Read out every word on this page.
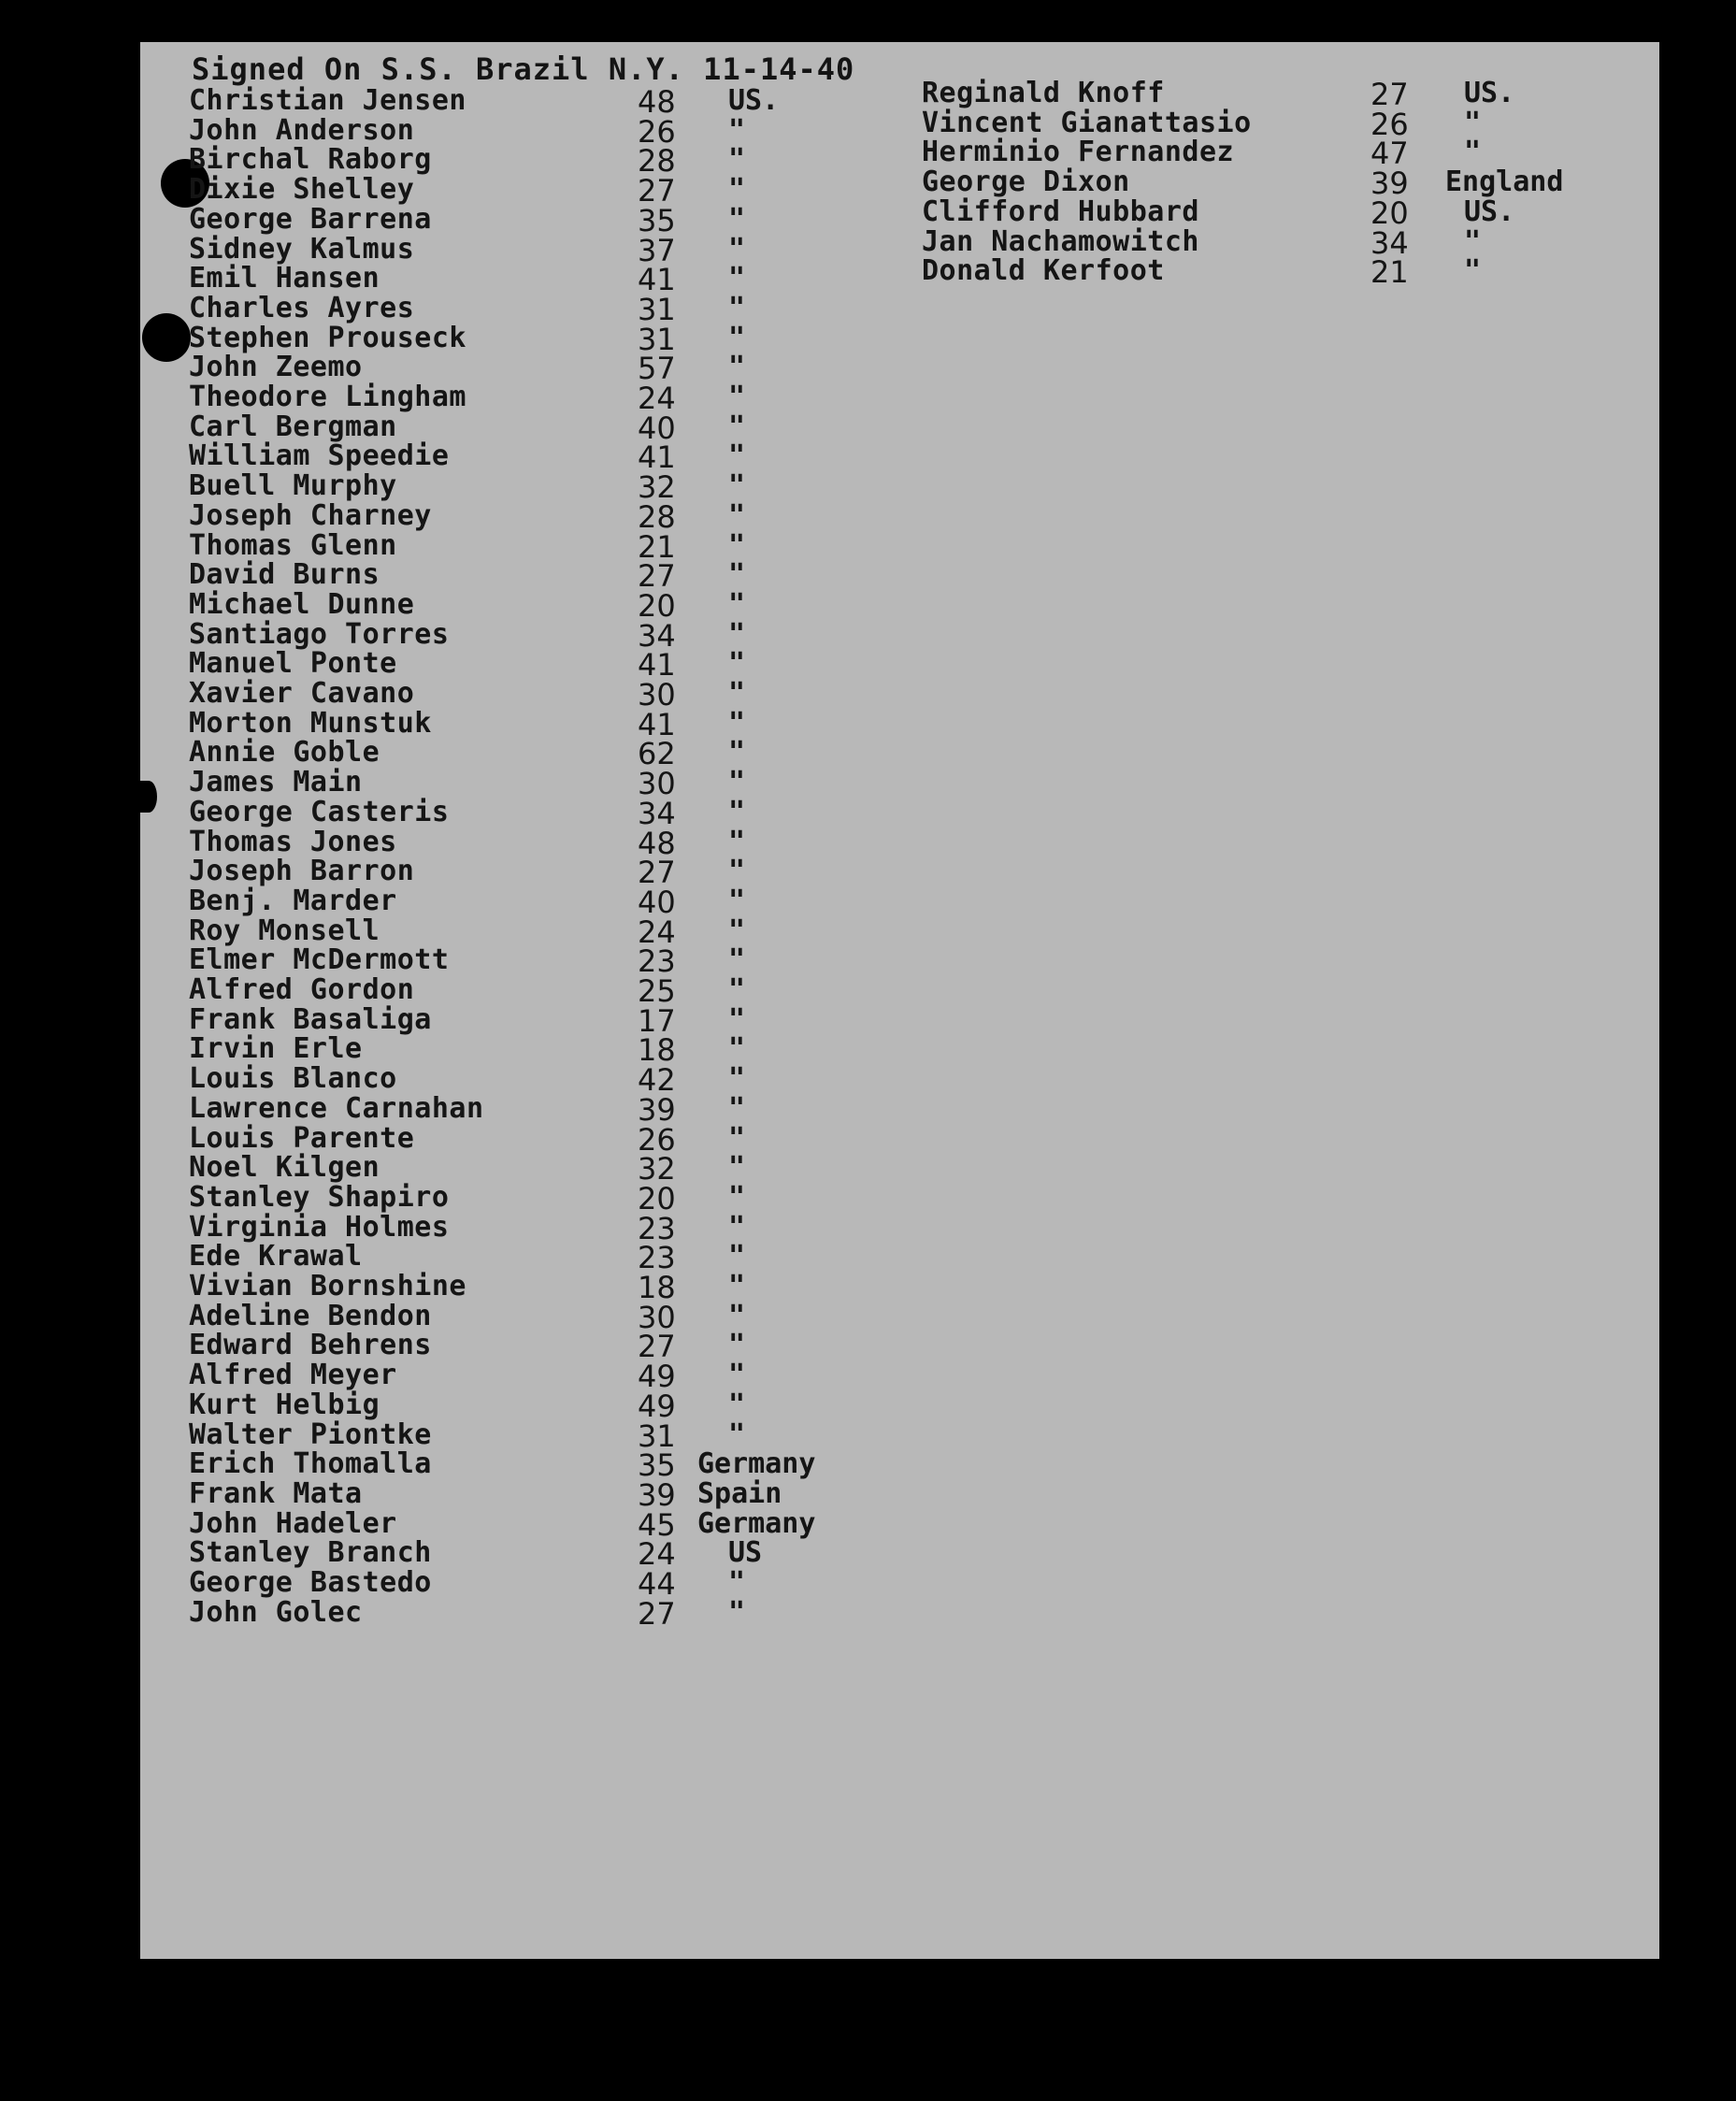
Signed On S.S. Brazil N.Y. 11-14-40
Christian Jensen	48 US.
John Anderson	26 "
Birchal Raborg	28 "
Dixie Shelley	27 "
George Barrena	35 "
Sidney Kalmus	37 "
Emil Hansen	41 "
Charles Ayres	31 "
Stephen Prouseck	31 "
John Zeemo	57 "
Theodore Lingham	24 "
Carl Bergman	40 "
William Speedie	41 "
Buell Murphy	32 "
Joseph Charney	28 "
Thomas Glenn	21 "
David Burns	27 "
Michael Dunne	20 "
Santiago Torres	34 "
Manuel Ponte	41 "
Xavier Cavano	30 "
Morton Munstuk	41 "
Annie Goble	62 "
James Main	30 "
George Casteris	34 "
Thomas Jones	48 "
Joseph Barron	27 "
Benj. Marder	40 "
Roy Monsell	24 "
Elmer McDermott	23 "
Alfred Gordon	25 "
Frank Basaliga	17 "
Irvin Erle	18 "
Louis Blanco	42 "
Lawrence Carnahan	39 "
Louis Parente	26 "
Noel Kilgen	32 "
Stanley Shapiro	20 "
Virginia Holmes	23 "
Ede Krawal	23 "
Vivian Bornshine	18 "
Adeline Bendon	30 "
Edward Behrens	27 "
Alfred Meyer	49 "
Kurt Helbig	49 "
Walter Piontke	31 "
Erich Thomalla	35 Germany
Frank Mata	39 Spain
John Hadeler	45 Germany
Stanley Branch	24 US
George Bastedo	44 "
John Golec	27 "
Reginald Knoff	27 US.
Vincent Gianattasio	26 "
Herminio Fernandez	47 "
George Dixon	39 England
Clifford Hubbard	20 US.
Jan Nachamowitch	34 "
Donald Kerfoot	21 "
